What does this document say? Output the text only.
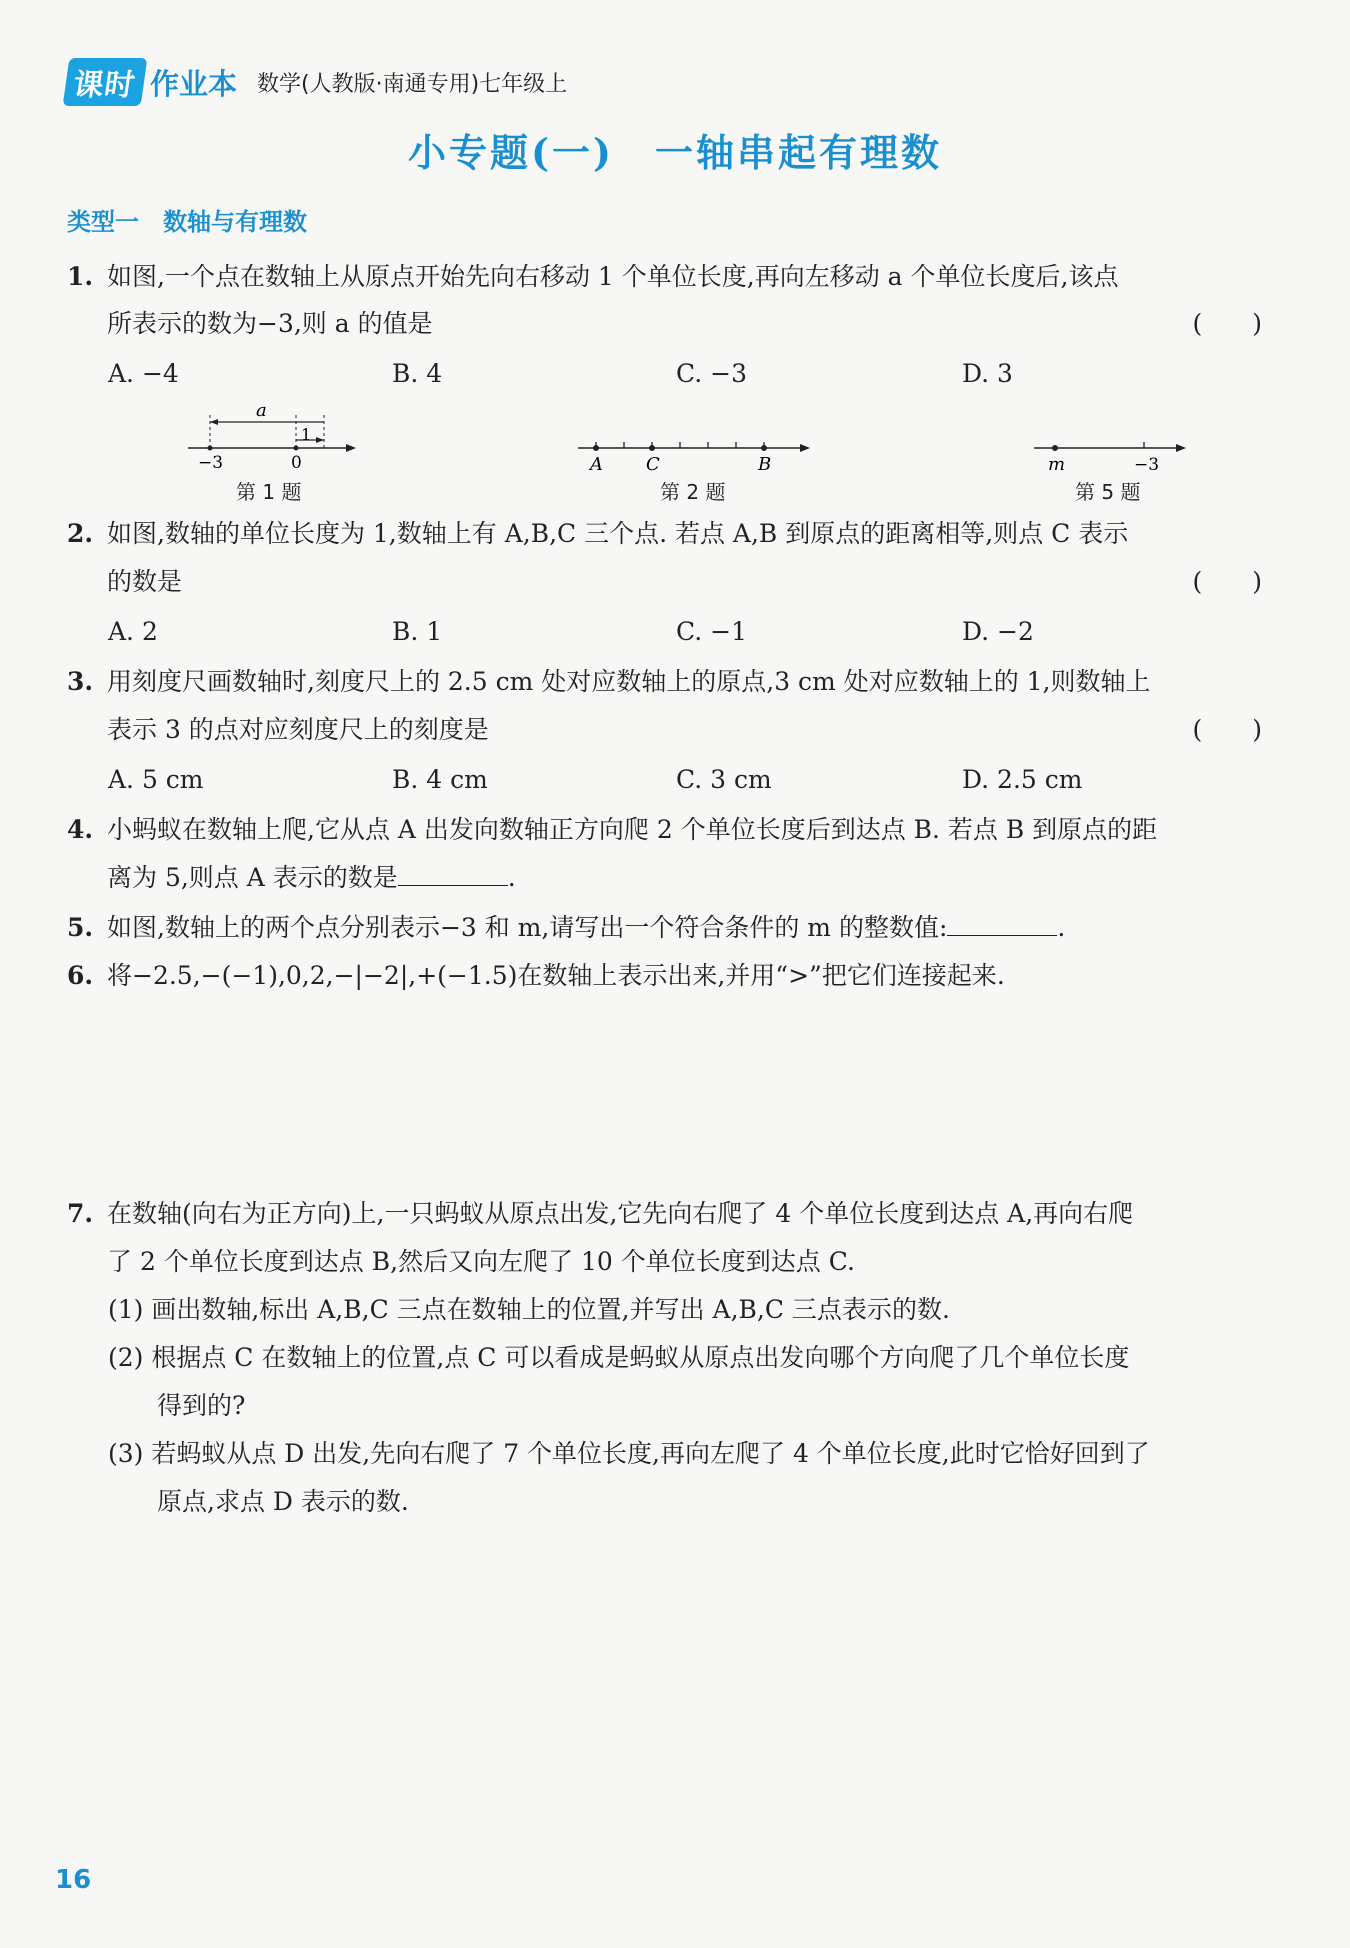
课时 作业本 数学(人教版·南通专用)七年级上
小专题(一)　一轴串起有理数
类型一　数轴与有理数
1. 如图,一个点在数轴上从原点开始先向右移动 1 个单位长度,再向左移动 a 个单位长度后,该点
所表示的数为−3,则 a 的值是	(　　)
A. −4	B. 4	C. −3	D. 3
a
1
−3	0
第 1 题
A C	B
第 2 题
m	−3
第 5 题
2. 如图,数轴的单位长度为 1,数轴上有 A,B,C 三个点. 若点 A,B 到原点的距离相等,则点 C 表示
的数是	(　　)
A. 2	B. 1	C. −1	D. −2
3. 用刻度尺画数轴时,刻度尺上的 2.5 cm 处对应数轴上的原点,3 cm 处对应数轴上的 1,则数轴上
表示 3 的点对应刻度尺上的刻度是	(　　)
A. 5 cm	B. 4 cm	C. 3 cm	D. 2.5 cm
4. 小蚂蚁在数轴上爬,它从点 A 出发向数轴正方向爬 2 个单位长度后到达点 B. 若点 B 到原点的距
离为 5,则点 A 表示的数是	.
5. 如图,数轴上的两个点分别表示−3 和 m,请写出一个符合条件的 m 的整数值:	.
6. 将−2.5,−(−1),0,2,−|−2|,+(−1.5)在数轴上表示出来,并用“>”把它们连接起来.
7. 在数轴(向右为正方向)上,一只蚂蚁从原点出发,它先向右爬了 4 个单位长度到达点 A,再向右爬
了 2 个单位长度到达点 B,然后又向左爬了 10 个单位长度到达点 C.
(1) 画出数轴,标出 A,B,C 三点在数轴上的位置,并写出 A,B,C 三点表示的数.
(2) 根据点 C 在数轴上的位置,点 C 可以看成是蚂蚁从原点出发向哪个方向爬了几个单位长度
得到的?
(3) 若蚂蚁从点 D 出发,先向右爬了 7 个单位长度,再向左爬了 4 个单位长度,此时它恰好回到了
原点,求点 D 表示的数.
16
